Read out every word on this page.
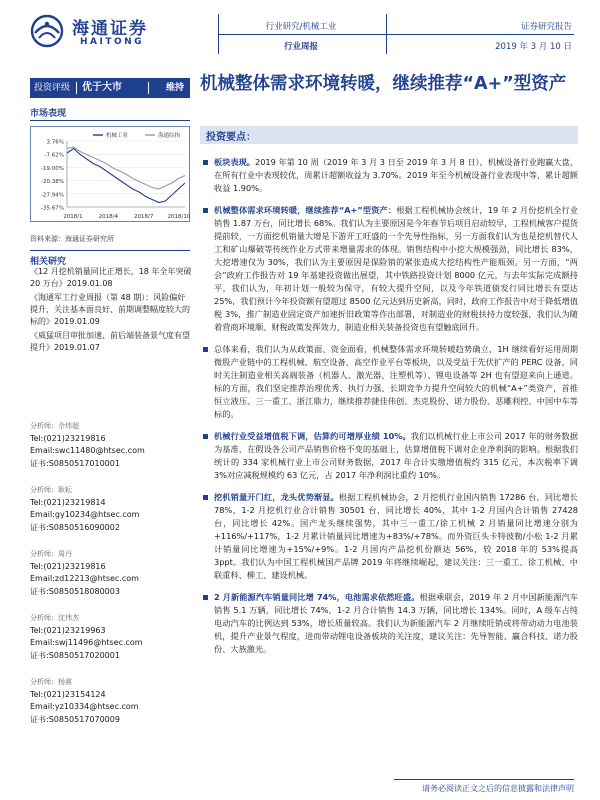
海通证券
HAITONG
行业研究/机械工业
行业周报
证券研究报告
2019 年 3 月 10 日
投资评级 优于大市	维持
市场表现
3.76%
-7.62%
-19.00%
-20.38%
-27.94%
-35.67%
2018/1	2018/4	2018/7	2018/10
机械工业	海通综指
资料来源：海通证券研究所
相关研究
《12 月挖机销量同比正增长，18 年全年突破 20 万台》2019.01.08
《海通军工行业周报（第 48 期）：风险偏好提升，关注基本面良好、前期调整幅度较大的标的》2019.01.09
《威猛项目审批加速、前后端装备景气度有望提升》2019.01.07
分析师：佘炜超
Tel:(021)23219816
Email:swc11480@htsec.com
证书:S0850517010001
分析师：耿耘
Tel:(021)23219814
Email:gy10234@htsec.com
证书:S0850516090002
分析师：周丹
Tel:(021)23219816
Email:zd12213@htsec.com
证书:S0850518080003
分析师：沈伟杰
Tel:(021)23219963
Email:swj11496@htsec.com
证书:S0850517020001
分析师：杨震
Tel:(021)23154124
Email:yz10334@htsec.com
证书:S0850517070009
机械整体需求环境转暖，继续推荐“A+”型资产
投资要点：
板块表现。2019 年第 10 周（2019 年 3 月 3 日至 2019 年 3 月 8 日），机械设备行业跑赢大盘，在所有行业中表现较优，周累计超额收益为 3.70%。2019 年至今机械设备行业表现中等，累计超额收益 1.90%。
机械整体需求环境转暖，继续推荐“A+”型资产：根据工程机械协会统计，19 年 2 月份挖机全行业销售 1.87 万台，同比增长 68%。我们认为主要原因是今年春节后项目启动较早，工程机械客户提货提前较，一方面挖机销量大增是下游开工旺盛的一个先导性指标，另一方面我们认为也是挖机替代人工和矿山爆破等传统作业方式带来增量需求的体现。销售结构中小挖大规模强劲，同比增长 83%，大挖增速仅为 30%，我们认为主要原因是保险销的紧张造成大挖结构性产能瓶颈。另一方面，“两会”政府工作报告对 19 年基建投资做出展望，其中铁路投资计划 8000 亿元，与去年实际完成额持平，我们认为，年初计划一般较为保守，有较大提升空间，以及今年铁道债发行同比增长有望达 25%，我们预计今年投资额有望超过 8500 亿元达到历史新高，同时，政府工作报告中对于降低增值税 3%，推广制造业固定资产加速折旧政策等作出部署，对制造业的财税扶持力度较强，我们认为随着营商环境顺、财税政策发挥效力，制造业相关装备投资也有望触底回升。
总体来看，我们认为从政策面、资金面看，机械整体需求环境转暖趋势确立，1H 继续看好运用周期微股产业链中的工程机械、航空设备、高空作业平台等板块，以及受益于先伏扩产的 PERC 设备，同时关注制造业相关高端装备（机器人、激光器、注塑机等）、锂电设备等 2H 也有望迎来向上通道。标的方面，我们坚定推荐治理优秀、执行力强、长期竞争力提升空间较大的机械“A+”类资产，首推恒立液压、三一重工、浙江鼎力，继续推荐捷佳伟创、杰克股份、诺力股份、恶雕利控、中国中车等标的。
机械行业受益增值税下调，估算约可增厚业绩 10%。我们以机械行业上市公司 2017 年的财务数据为基准，在假设各公司产品销售价格不变的基础上，估算增值税下调对企业净利润的影响。根据我们统计的 334 家机械行业上市公司财务数据，2017 年合计实缴增值税约 315 亿元，本次税率下调 3%对应减税规模约 63 亿元，占 2017 年净利润比重约 10%。
挖机销量开门红，龙头优势渐显。根据工程机械协会，2 月挖机行业国内销售 17286 台，同比增长 78%，1-2 月挖机行业合计销售 30501 台，同比增长 40%，其中 1-2 月国内合计销售 27428 台，同比增长 42%。国产龙头继续强势，其中三一重工/徐工机械 2 月销量同比增速分别为+116%/+117%，1-2 月累计销量同比增速为+83%/+78%。而外资巨头卡特彼勒/小松 1-2 月累计销量同比增速为+15%/+9%。1-2 月国内产品挖机份额达 56%，较 2018 年的 53%提高 3ppt。我们认为中国工程机械国产品牌 2019 年将继续崛起，建议关注：三一重工、徐工机械、中联重科、柳工、建设机械。
2 月新能源汽车销量同比增 74%，电池需求依然旺盛。根据乘联会，2019 年 2 月中国新能源汽车销售 5.1 万辆，同比增长 74%，1-2 月合计销售 14.3 万辆，同比增长 134%。同时，A 级车占纯电动汽车的比例达到 53%，增长质量较高。我们认为新能源汽车 2 月继续旺销或将带动动力电池装机，提升产业景气程度，进而带动锂电设备板块的关注度，建议关注：先导智能、赢合科技、诺力股份、大族激光。
请务必阅读正文之后的信息披露和法律声明
